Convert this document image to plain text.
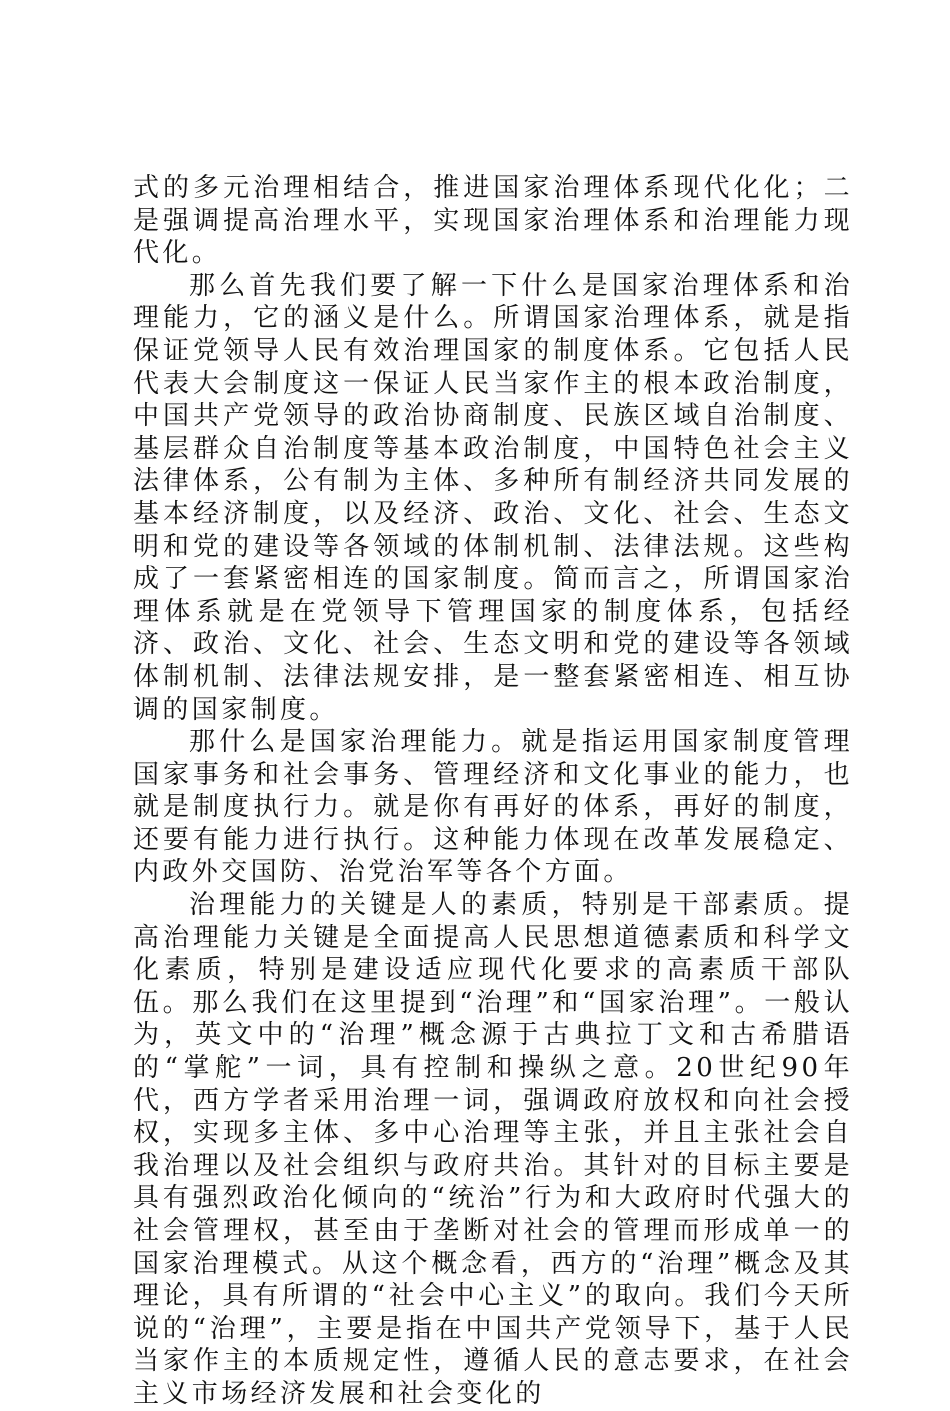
式的多元治理相结合，推进国家治理体系现代化化；二是强调提高治理水平，实现国家治理体系和治理能力现代化。

那么首先我们要了解一下什么是国家治理体系和治理能力，它的涵义是什么。所谓国家治理体系，就是指保证党领导人民有效治理国家的制度体系。它包括人民代表大会制度这一保证人民当家作主的根本政治制度，中国共产党领导的政治协商制度、民族区域自治制度、基层群众自治制度等基本政治制度，中国特色社会主义法律体系，公有制为主体、多种所有制经济共同发展的基本经济制度，以及经济、政治、文化、社会、生态文明和党的建设等各领域的体制机制、法律法规。这些构成了一套紧密相连的国家制度。简而言之，所谓国家治理体系就是在党领导下管理国家的制度体系，包括经济、政治、文化、社会、生态文明和党的建设等各领域体制机制、法律法规安排，是一整套紧密相连、相互协调的国家制度。

那什么是国家治理能力。就是指运用国家制度管理国家事务和社会事务、管理经济和文化事业的能力，也就是制度执行力。就是你有再好的体系，再好的制度，还要有能力进行执行。这种能力体现在改革发展稳定、内政外交国防、治党治军等各个方面。

治理能力的关键是人的素质，特别是干部素质。提高治理能力关键是全面提高人民思想道德素质和科学文化素质，特别是建设适应现代化要求的高素质干部队伍。那么我们在这里提到“治理”和“国家治理”。一般认为，英文中的“治理”概念源于古典拉丁文和古希腊语的“掌舵”一词，具有控制和操纵之意。20世纪90年代，西方学者采用治理一词，强调政府放权和向社会授权，实现多主体、多中心治理等主张，并且主张社会自我治理以及社会组织与政府共治。其针对的目标主要是具有强烈政治化倾向的“统治”行为和大政府时代强大的社会管理权，甚至由于垄断对社会的管理而形成单一的国家治理模式。从这个概念看，西方的“治理”概念及其理论，具有所谓的“社会中心主义”的取向。我们今天所说的“治理”，主要是指在中国共产党领导下，基于人民当家作主的本质规定性，遵循人民的意志要求，在社会主义市场经济发展和社会变化的
